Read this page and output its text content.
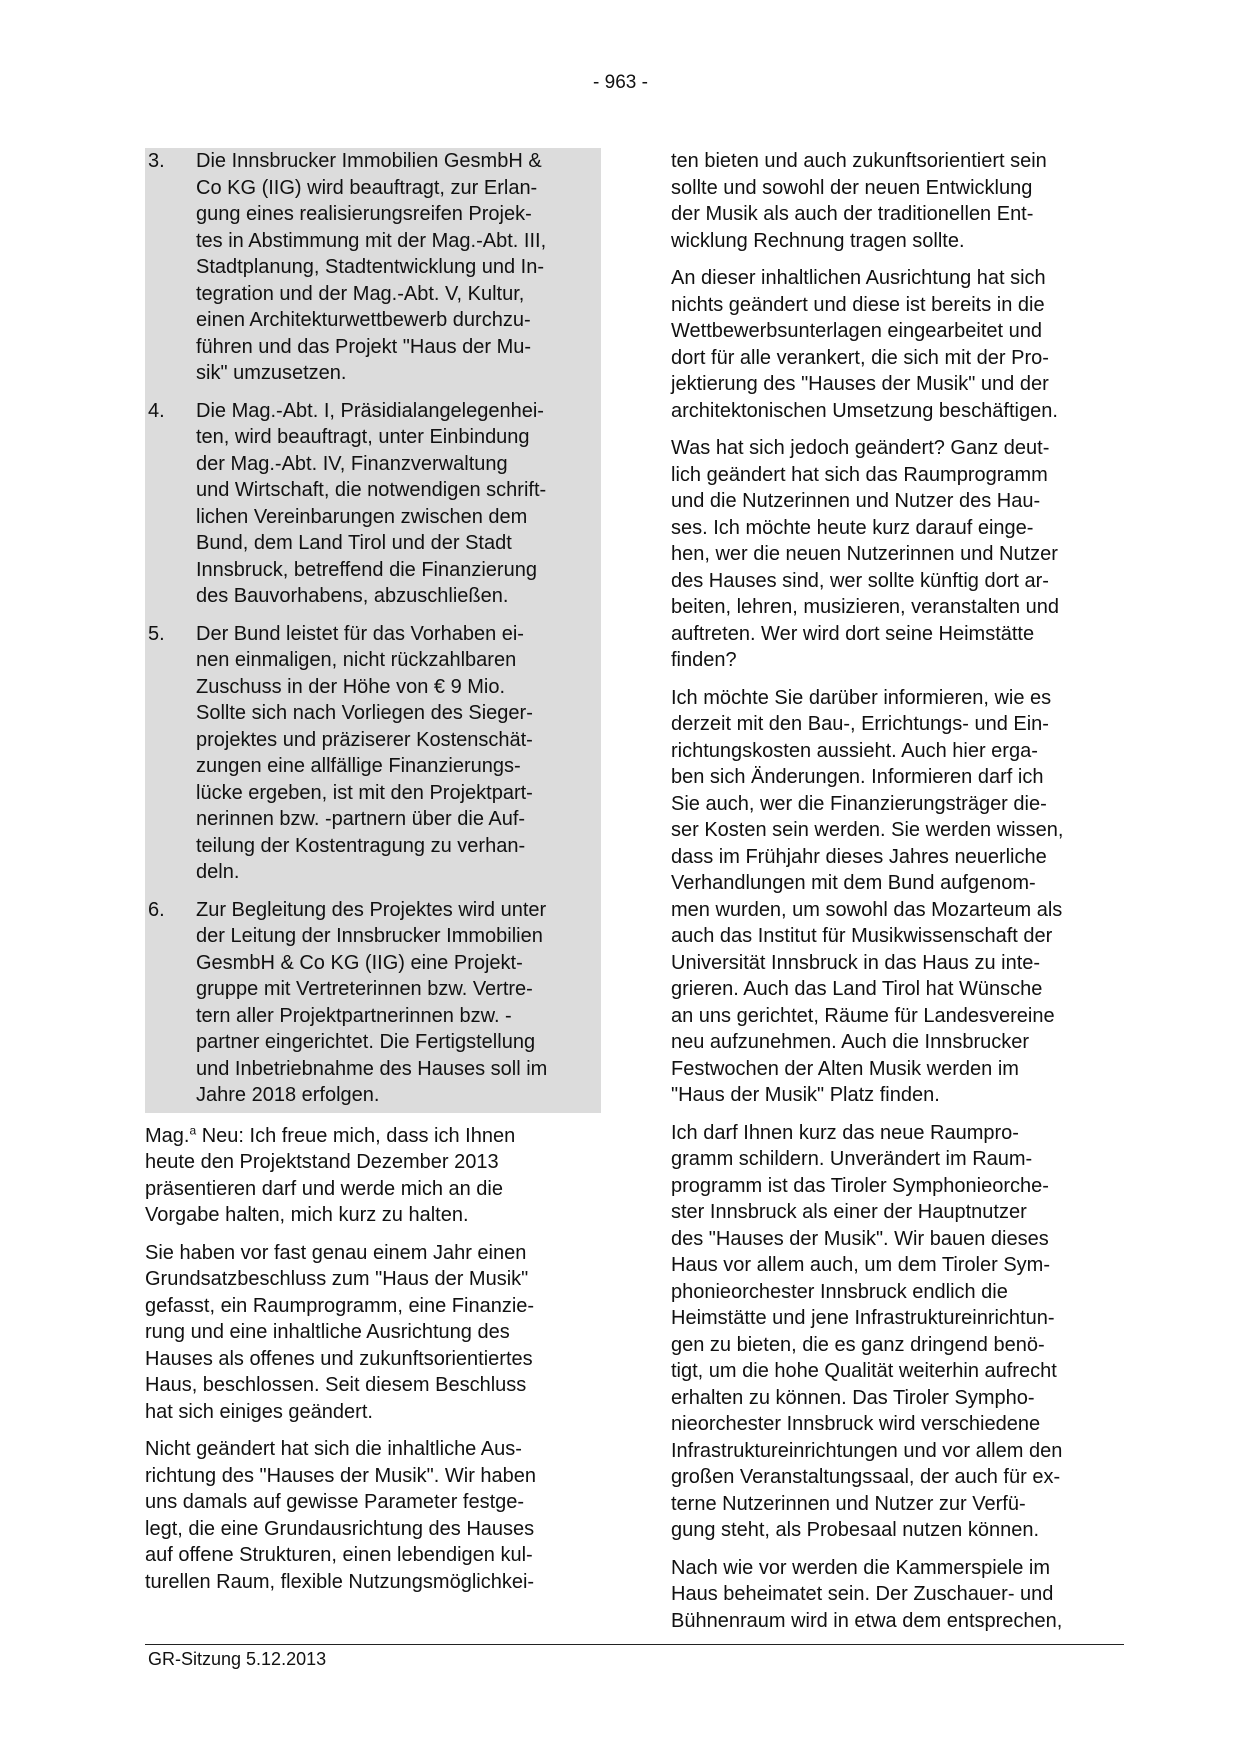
- 963 -
3.	Die Innsbrucker Immobilien GesmbH &
Co KG (IIG) wird beauftragt, zur Erlan-
gung eines realisierungsreifen Projek-
tes in Abstimmung mit der Mag.-Abt. III,
Stadtplanung, Stadtentwicklung und In-
tegration und der Mag.-Abt. V, Kultur,
einen Architekturwettbewerb durchzu-
führen und das Projekt "Haus der Mu-
sik" umzusetzen.
4.	Die Mag.-Abt. I, Präsidialangelegenhei-
ten, wird beauftragt, unter Einbindung
der Mag.-Abt. IV, Finanzverwaltung
und Wirtschaft, die notwendigen schrift-
lichen Vereinbarungen zwischen dem
Bund, dem Land Tirol und der Stadt
Innsbruck, betreffend die Finanzierung
des Bauvorhabens, abzuschließen.
5.	Der Bund leistet für das Vorhaben ei-
nen einmaligen, nicht rückzahlbaren
Zuschuss in der Höhe von € 9 Mio.
Sollte sich nach Vorliegen des Sieger-
projektes und präziserer Kostenschät-
zungen eine allfällige Finanzierungs-
lücke ergeben, ist mit den Projektpart-
nerinnen bzw. -partnern über die Auf-
teilung der Kostentragung zu verhan-
deln.
6.	Zur Begleitung des Projektes wird unter
der Leitung der Innsbrucker Immobilien
GesmbH & Co KG (IIG) eine Projekt-
gruppe mit Vertreterinnen bzw. Vertre-
tern aller Projektpartnerinnen bzw. -
partner eingerichtet. Die Fertigstellung
und Inbetriebnahme des Hauses soll im
Jahre 2018 erfolgen.
Mag.$^a$ Neu: Ich freue mich, dass ich Ihnen
heute den Projektstand Dezember 2013
präsentieren darf und werde mich an die
Vorgabe halten, mich kurz zu halten.
Sie haben vor fast genau einem Jahr einen
Grundsatzbeschluss zum "Haus der Musik"
gefasst, ein Raumprogramm, eine Finanzie-
rung und eine inhaltliche Ausrichtung des
Hauses als offenes und zukunftsorientiertes
Haus, beschlossen. Seit diesem Beschluss
hat sich einiges geändert.
Nicht geändert hat sich die inhaltliche Aus-
richtung des "Hauses der Musik". Wir haben
uns damals auf gewisse Parameter festge-
legt, die eine Grundausrichtung des Hauses
auf offene Strukturen, einen lebendigen kul-
turellen Raum, flexible Nutzungsmöglichkei-
ten bieten und auch zukunftsorientiert sein
sollte und sowohl der neuen Entwicklung
der Musik als auch der traditionellen Ent-
wicklung Rechnung tragen sollte.
An dieser inhaltlichen Ausrichtung hat sich
nichts geändert und diese ist bereits in die
Wettbewerbsunterlagen eingearbeitet und
dort für alle verankert, die sich mit der Pro-
jektierung des "Hauses der Musik" und der
architektonischen Umsetzung beschäftigen.
Was hat sich jedoch geändert? Ganz deut-
lich geändert hat sich das Raumprogramm
und die Nutzerinnen und Nutzer des Hau-
ses. Ich möchte heute kurz darauf einge-
hen, wer die neuen Nutzerinnen und Nutzer
des Hauses sind, wer sollte künftig dort ar-
beiten, lehren, musizieren, veranstalten und
auftreten. Wer wird dort seine Heimstätte
finden?
Ich möchte Sie darüber informieren, wie es
derzeit mit den Bau-, Errichtungs- und Ein-
richtungskosten aussieht. Auch hier erga-
ben sich Änderungen. Informieren darf ich
Sie auch, wer die Finanzierungsträger die-
ser Kosten sein werden. Sie werden wissen,
dass im Frühjahr dieses Jahres neuerliche
Verhandlungen mit dem Bund aufgenom-
men wurden, um sowohl das Mozarteum als
auch das Institut für Musikwissenschaft der
Universität Innsbruck in das Haus zu inte-
grieren. Auch das Land Tirol hat Wünsche
an uns gerichtet, Räume für Landesvereine
neu aufzunehmen. Auch die Innsbrucker
Festwochen der Alten Musik werden im
"Haus der Musik" Platz finden.
Ich darf Ihnen kurz das neue Raumpro-
gramm schildern. Unverändert im Raum-
programm ist das Tiroler Symphonieorche-
ster Innsbruck als einer der Hauptnutzer
des "Hauses der Musik". Wir bauen dieses
Haus vor allem auch, um dem Tiroler Sym-
phonieorchester Innsbruck endlich die
Heimstätte und jene Infrastruktureinrichtun-
gen zu bieten, die es ganz dringend benö-
tigt, um die hohe Qualität weiterhin aufrecht
erhalten zu können. Das Tiroler Sympho-
nieorchester Innsbruck wird verschiedene
Infrastruktureinrichtungen und vor allem den
großen Veranstaltungssaal, der auch für ex-
terne Nutzerinnen und Nutzer zur Verfü-
gung steht, als Probesaal nutzen können.
Nach wie vor werden die Kammerspiele im
Haus beheimatet sein. Der Zuschauer- und
Bühnenraum wird in etwa dem entsprechen,
GR-Sitzung 5.12.2013
